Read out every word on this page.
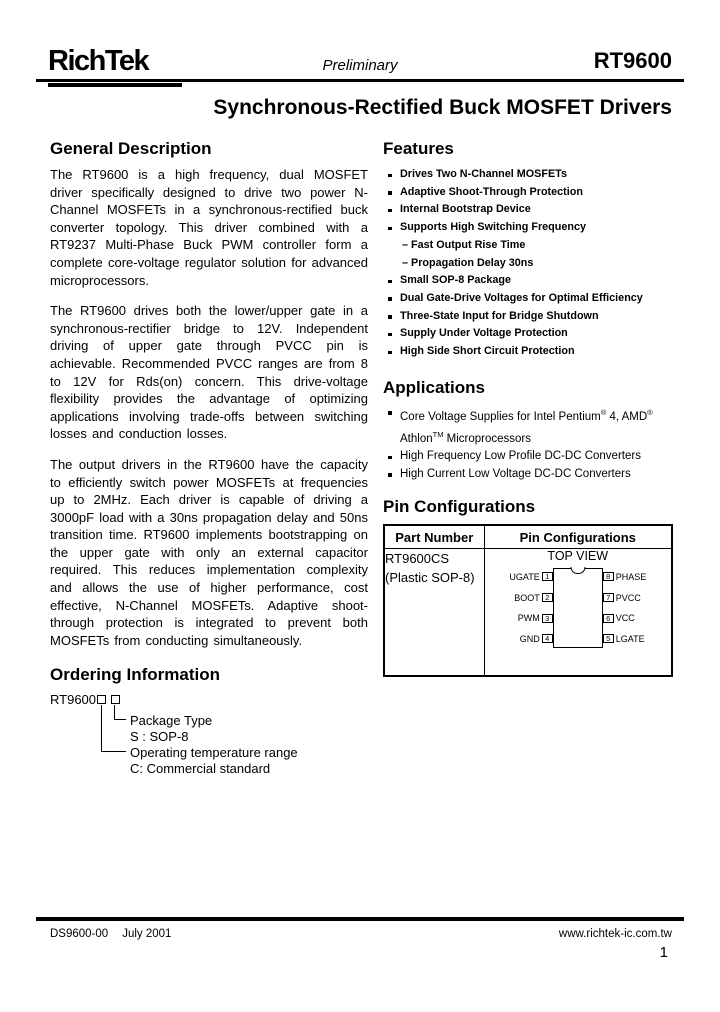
RichTek	Preliminary	RT9600
Synchronous-Rectified Buck MOSFET Drivers
General Description

The RT9600 is a high frequency, dual MOSFET driver specifically designed to drive two power N-Channel MOSFETs in a synchronous-rectified buck converter topology. This driver combined with a RT9237 Multi-Phase Buck PWM controller form a complete core-voltage regulator solution for advanced microprocessors.

The RT9600 drives both the lower/upper gate in a synchronous-rectifier bridge to 12V. Independent driving of upper gate through PVCC pin is achievable. Recommended PVCC ranges are from 8 to 12V for Rds(on) concern. This drive-voltage flexibility provides the advantage of optimizing applications involving trade-offs between switching losses and conduction losses.

The output drivers in the RT9600 have the capacity to efficiently switch power MOSFETs at frequencies up to 2MHz. Each driver is capable of driving a 3000pF load with a 30ns propagation delay and 50ns transition time. RT9600 implements bootstrapping on the upper gate with only an external capacitor required. This reduces implementation complexity and allows the use of higher performance, cost effective, N-Channel MOSFETs. Adaptive shoot-through protection is integrated to prevent both MOSFETs from conducting simultaneously.

Ordering Information
RT9600
Package Type
S : SOP-8
Operating temperature range
C: Commercial standard
Features
Drives Two N-Channel MOSFETs
Adaptive Shoot-Through Protection
Internal Bootstrap Device
Supports High Switching Frequency
– Fast Output Rise Time
– Propagation Delay 30ns
Small SOP-8 Package
Dual Gate-Drive Voltages for Optimal Efficiency
Three-State Input for Bridge Shutdown
Supply Under Voltage Protection
High Side Short Circuit Protection
Applications
Core Voltage Supplies for Intel Pentium® 4, AMD® Athlon™ Microprocessors
High Frequency Low Profile DC-DC Converters
High Current Low Voltage DC-DC Converters
Pin Configurations
Part Number	Pin Configurations

RT9600CS
(Plastic SOP-8)

TOP VIEW
UGATE 1
BOOT 2
PWM 3
GND 4
8 PHASE
7 PVCC
6 VCC
5 LGATE
DS9600-00 July 2001	www.richtek-ic.com.tw
1
